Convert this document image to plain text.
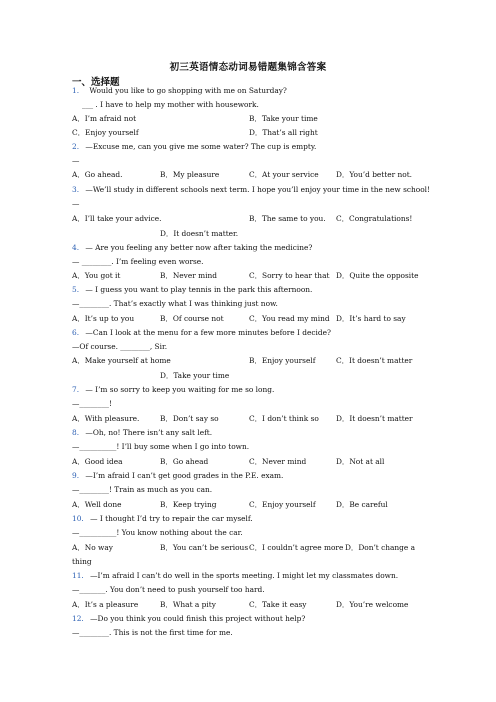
初三英语情态动词易错题集锦含答案
一、选择题
1. Would you like to go shopping with me on Saturday?
___ . I have to help my mother with housework.
A．I’m afraid not	B．Take your time
C．Enjoy yourself	D．That’s all right
2. —Excuse me, can you give me some water? The cup is empty.
—
A．Go ahead.	B．My pleasure	C．At your service D．You’d better not.
3. —We’ll study in different schools next term. I hope you’ll enjoy your time in the new school!
—
A．I’ll take your advice.	B．The same to you. C．Congratulations!
D．It doesn’t matter.
4. — Are you feeling any better now after taking the medicine?
— ________. I’m feeling even worse.
A．You got it	B．Never mind	C．Sorry to hear that D．Quite the opposite
5. — I guess you want to play tennis in the park this afternoon.
—________. That’s exactly what I was thinking just now.
A．It’s up to you	B．Of course not	C．You read my mind D．It’s hard to say
6. —Can I look at the menu for a few more minutes before I decide?
—Of course. ________, Sir.
A．Make yourself at home	B．Enjoy yourself	C．It doesn’t matter
D．Take your time
7. — I’m so sorry to keep you waiting for me so long.
—________!
A．With pleasure.	B．Don’t say so	C．I don’t think so D．It doesn’t matter
8. —Oh, no! There isn’t any salt left.
—__________! I’ll buy some when I go into town.
A．Good idea	B．Go ahead	C．Never mind	D．Not at all
9. —I’m afraid I can’t get good grades in the P.E. exam.
—________! Train as much as you can.
A．Well done	B．Keep trying	C．Enjoy yourself	D．Be careful
10. — I thought I’d try to repair the car myself.
—__________! You know nothing about the car.
A．No way	B．You can’t be serious C．I couldn’t agree more D．Don’t change a
thing
11. —I’m afraid I can’t do well in the sports meeting. I might let my classmates down.
—_______. You don’t need to push yourself too hard.
A．It’s a pleasure	B．What a pity	C．Take it easy	D．You’re welcome
12. —Do you think you could finish this project without help?
—________. This is not the first time for me.
